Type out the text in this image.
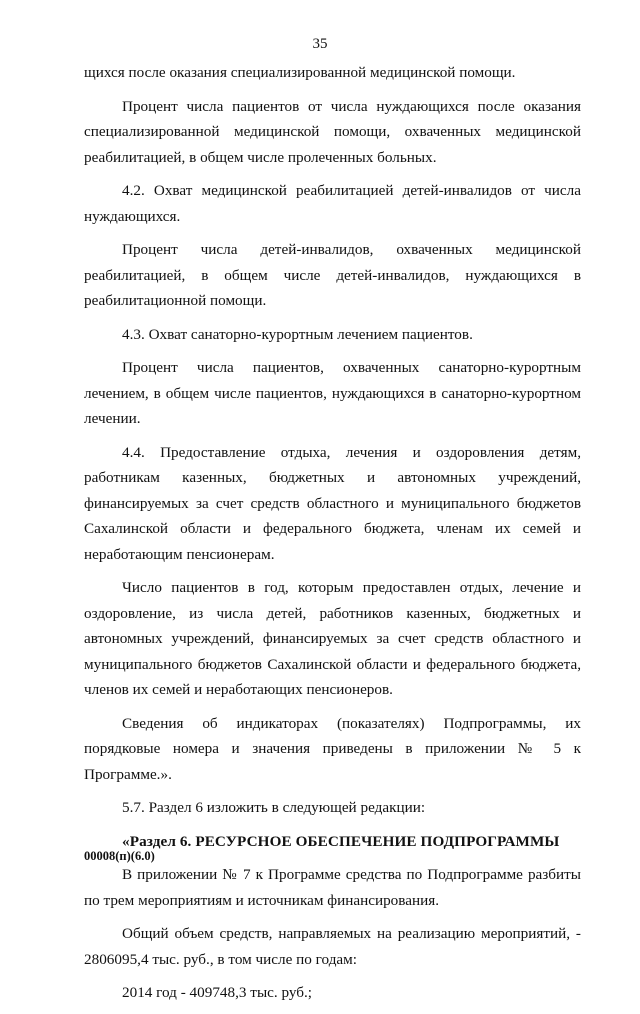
35

щихся после оказания специализированной медицинской помощи.

Процент числа пациентов от числа нуждающихся после оказания специализированной медицинской помощи, охваченных медицинской реабилитацией, в общем числе пролеченных больных.

4.2. Охват медицинской реабилитацией детей-инвалидов от числа нуждающихся.

Процент числа детей-инвалидов, охваченных медицинской реабилитацией, в общем числе детей-инвалидов, нуждающихся в реабилитационной помощи.

4.3. Охват санаторно-курортным лечением пациентов.

Процент числа пациентов, охваченных санаторно-курортным лечением, в общем числе пациентов, нуждающихся в санаторно-курортном лечении.

4.4. Предоставление отдыха, лечения и оздоровления детям, работникам казенных, бюджетных и автономных учреждений, финансируемых за счет средств областного и муниципального бюджетов Сахалинской области и федерального бюджета, членам их семей и неработающим пенсионерам.

Число пациентов в год, которым предоставлен отдых, лечение и оздоровление, из числа детей, работников казенных, бюджетных и автономных учреждений, финансируемых за счет средств областного и муниципального бюджетов Сахалинской области и федерального бюджета, членов их семей и неработающих пенсионеров.

Сведения об индикаторах (показателях) Подпрограммы, их порядковые номера и значения приведены в приложении № 5 к Программе.».

5.7. Раздел 6 изложить в следующей редакции:

«Раздел 6. РЕСУРСНОЕ ОБЕСПЕЧЕНИЕ ПОДПРОГРАММЫ

В приложении № 7 к Программе средства по Подпрограмме разбиты по трем мероприятиям и источникам финансирования.

Общий объем средств, направляемых на реализацию мероприятий, - 2806095,4 тыс. руб., в том числе по годам:

2014 год - 409748,3 тыс. руб.;

00008(п)(6.0)
